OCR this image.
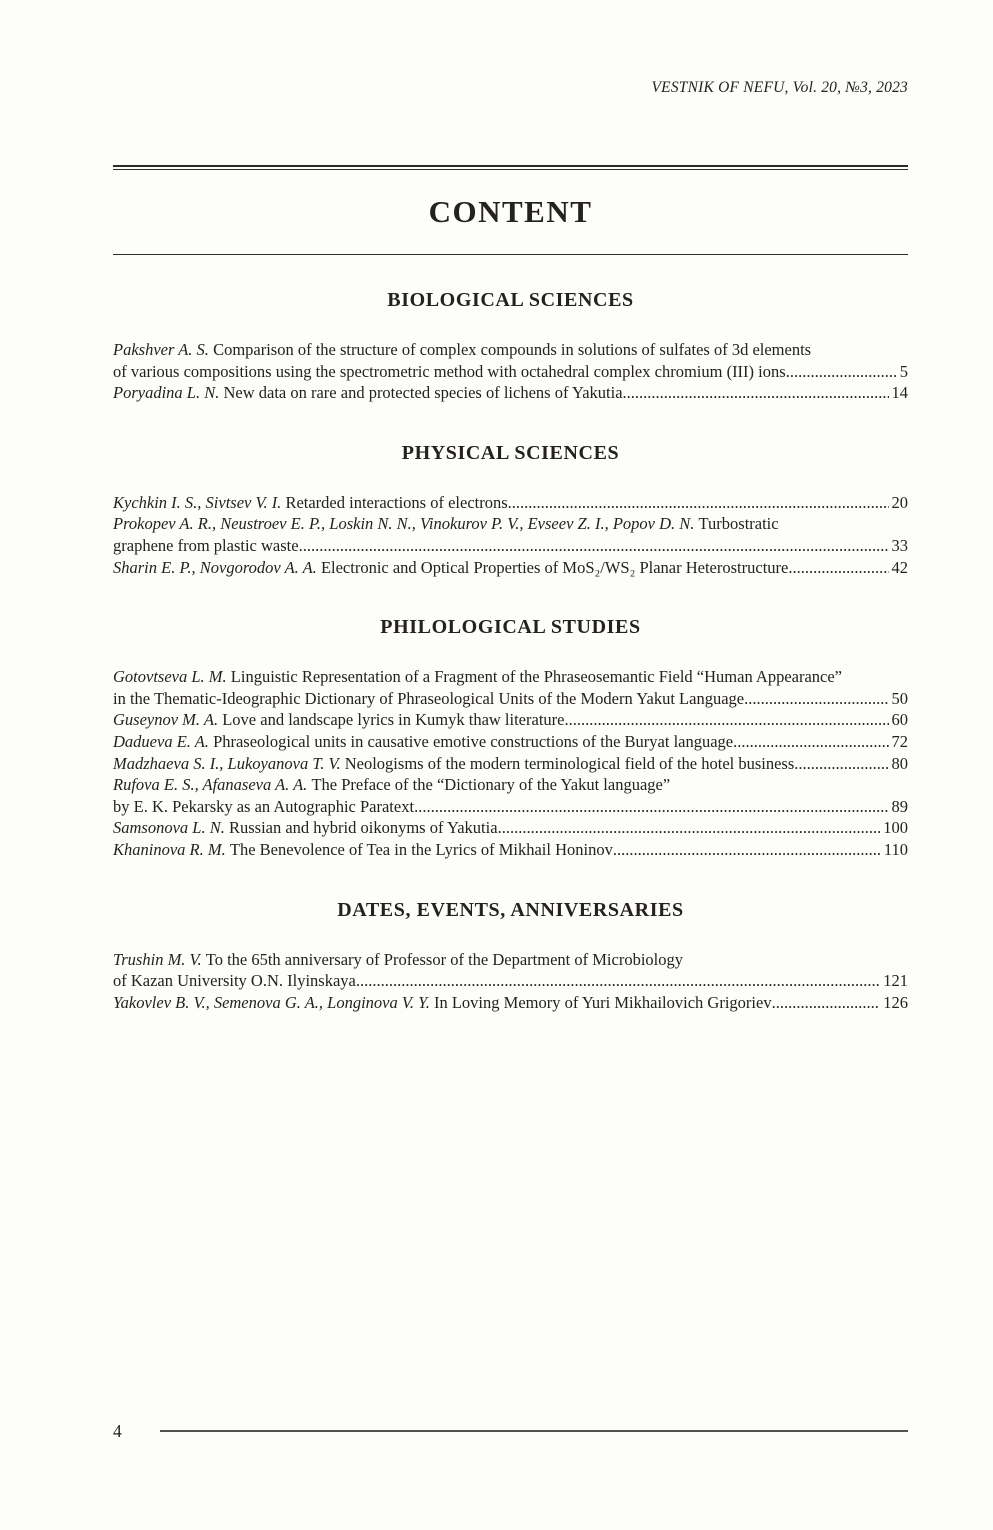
VESTNIK OF NEFU, Vol. 20, №3, 2023
CONTENT
BIOLOGICAL SCIENCES
Pakshver A. S. Comparison of the structure of complex compounds in solutions of sulfates of 3d elements
of various compositions using the spectrometric method with octahedral complex chromium (III) ions .....	5
Poryadina L. N. New data on rare and protected species of lichens of Yakutia .....	14
PHYSICAL SCIENCES
Kychkin I. S., Sivtsev V. I. Retarded interactions of electrons .....	20
Prokopev A. R., Neustroev E. P., Loskin N. N., Vinokurov P. V., Evseev Z. I., Popov D. N. Turbostratic
graphene from plastic waste .....	33
Sharin E. P., Novgorodov A. A. Electronic and Optical Properties of MoS₂/WS₂ Planar Heterostructure .....	42
PHILOLOGICAL STUDIES
Gotovtseva L. M. Linguistic Representation of a Fragment of the Phraseosemantic Field “Human Appearance”
in the Thematic-Ideographic Dictionary of Phraseological Units of the Modern Yakut Language .....	50
Guseynov M. A. Love and landscape lyrics in Kumyk thaw literature .....	60
Dadueva E. A. Phraseological units in causative emotive constructions of the Buryat language .....	72
Madzhaeva S. I., Lukoyanova T. V. Neologisms of the modern terminological field of the hotel business .....	80
Rufova E. S., Afanaseva A. A. The Preface of the “Dictionary of the Yakut language”
by E. K. Pekarsky as an Autographic Paratext .....	89
Samsonova L. N. Russian and hybrid oikonyms of Yakutia .....	100
Khaninova R. M. The Benevolence of Tea in the Lyrics of Mikhail Honinov .....	110
DATES, EVENTS, ANNIVERSARIES
Trushin M. V. To the 65th anniversary of Professor of the Department of Microbiology
of Kazan University O.N. Ilyinskaya .....	121
Yakovlev B. V., Semenova G. A., Longinova V. Y. In Loving Memory of Yuri Mikhailovich Grigoriev .....	126
4
